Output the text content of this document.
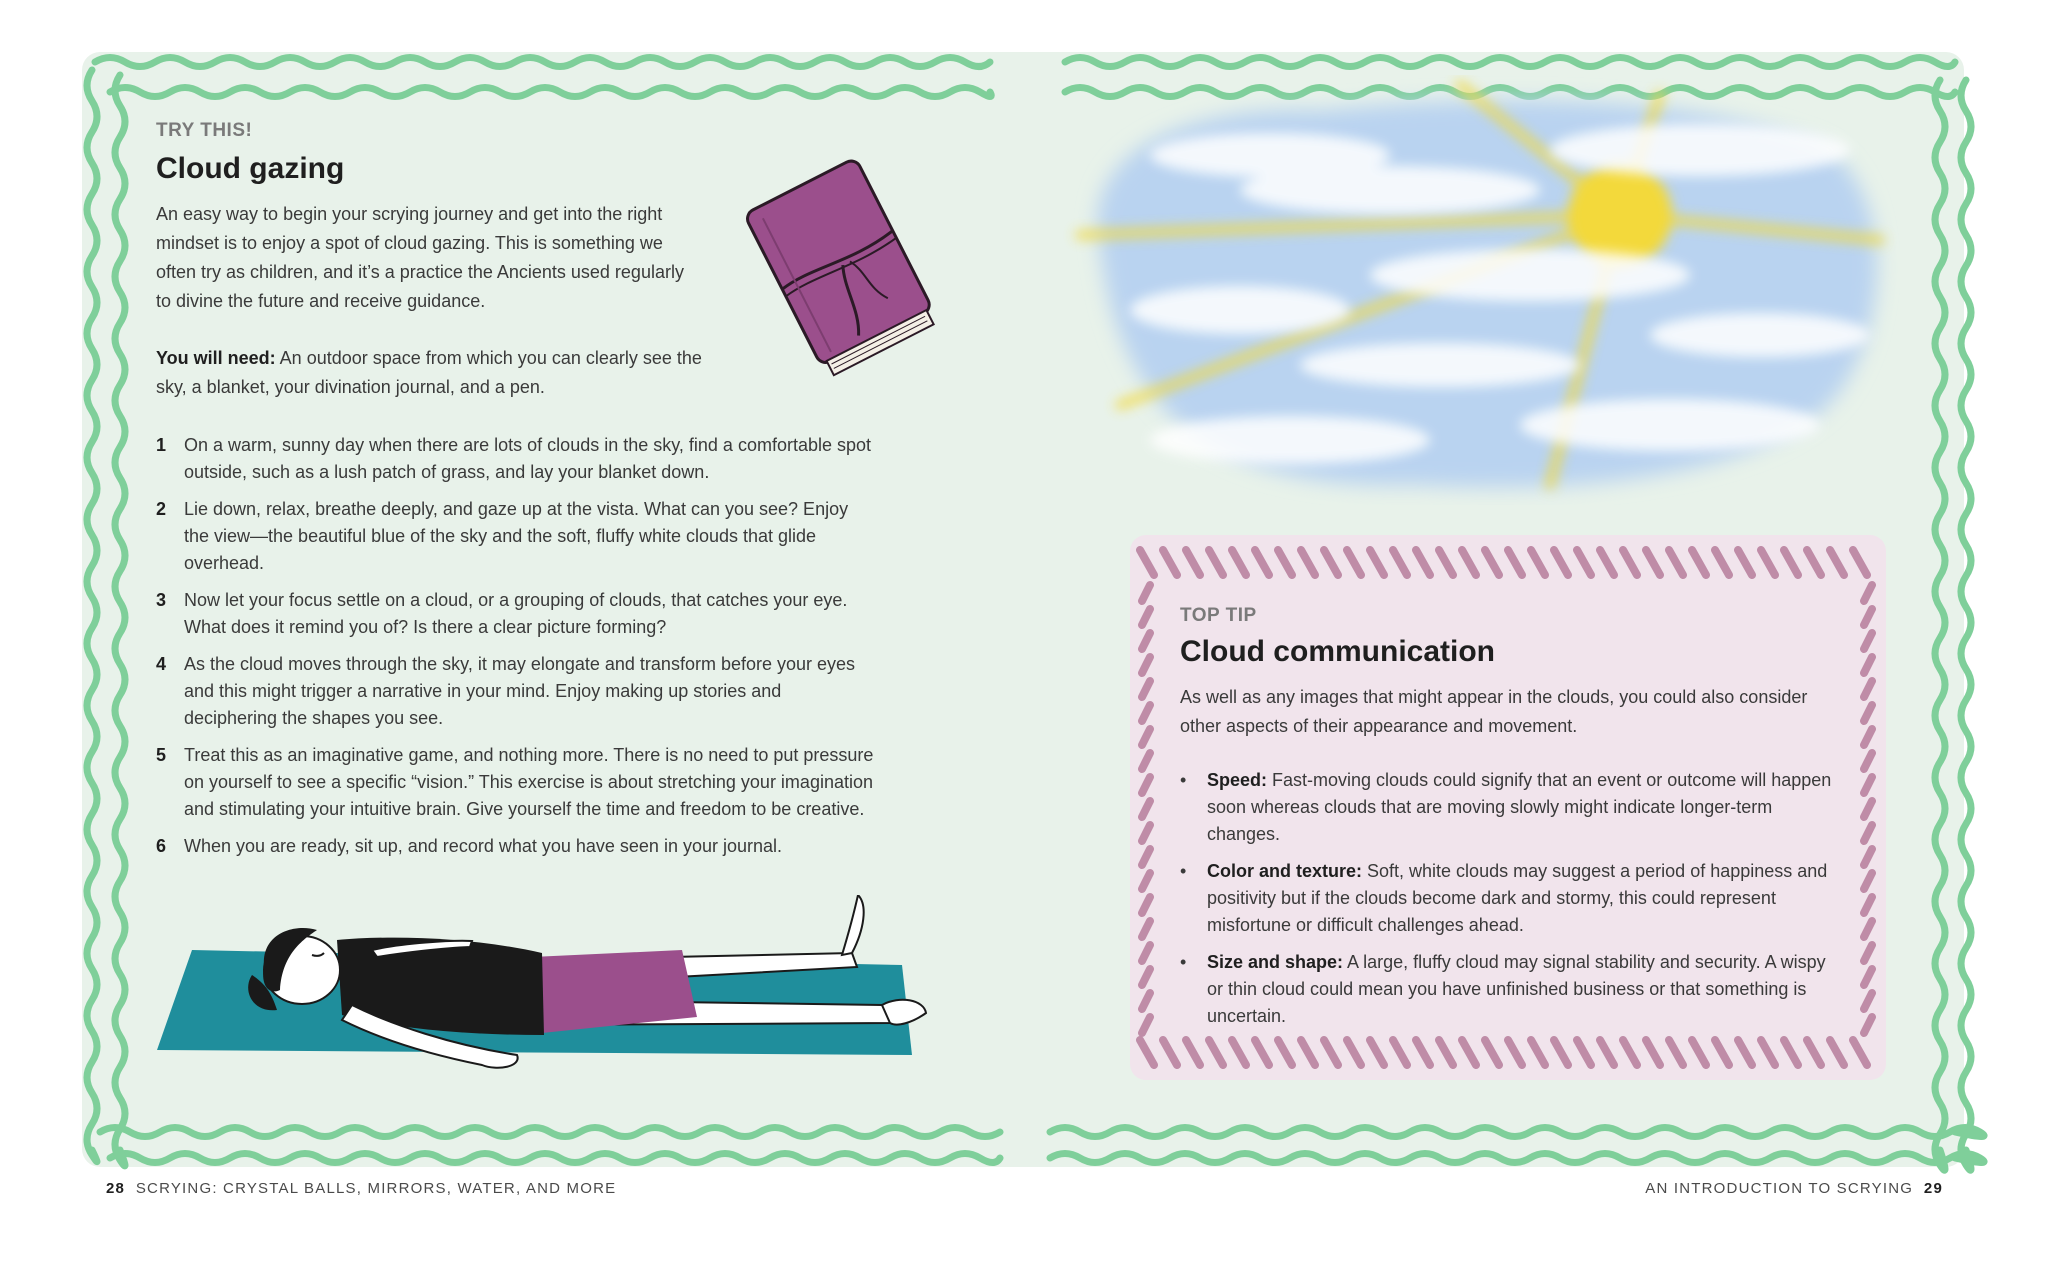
TRY THIS!
Cloud gazing

An easy way to begin your scrying journey and get into the right mindset is to enjoy a spot of cloud gazing. This is something we often try as children, and it’s a practice the Ancients used regularly to divine the future and receive guidance.

You will need: An outdoor space from which you can clearly see the sky, a blanket, your divination journal, and a pen.

1 On a warm, sunny day when there are lots of clouds in the sky, find a comfortable spot outside, such as a lush patch of grass, and lay your blanket down.
2 Lie down, relax, breathe deeply, and gaze up at the vista. What can you see? Enjoy the view—the beautiful blue of the sky and the soft, fluffy white clouds that glide overhead.
3 Now let your focus settle on a cloud, or a grouping of clouds, that catches your eye. What does it remind you of? Is there a clear picture forming?
4 As the cloud moves through the sky, it may elongate and transform before your eyes and this might trigger a narrative in your mind. Enjoy making up stories and deciphering the shapes you see.
5 Treat this as an imaginative game, and nothing more. There is no need to put pressure on yourself to see a specific “vision.” This exercise is about stretching your imagination and stimulating your intuitive brain. Give yourself the time and freedom to be creative.
6 When you are ready, sit up, and record what you have seen in your journal.
TOP TIP
Cloud communication

As well as any images that might appear in the clouds, you could also consider other aspects of their appearance and movement.

•	Speed: Fast-moving clouds could signify that an event or outcome will happen soon whereas clouds that are moving slowly might indicate longer-term changes.
•	Color and texture: Soft, white clouds may suggest a period of happiness and positivity but if the clouds become dark and stormy, this could represent misfortune or difficult challenges ahead.
•	Size and shape: A large, fluffy cloud may signal stability and security. A wispy or thin cloud could mean you have unfinished business or that something is uncertain.
28 SCRYING: CRYSTAL BALLS, MIRRORS, WATER, AND MORE	AN INTRODUCTION TO SCRYING 29
